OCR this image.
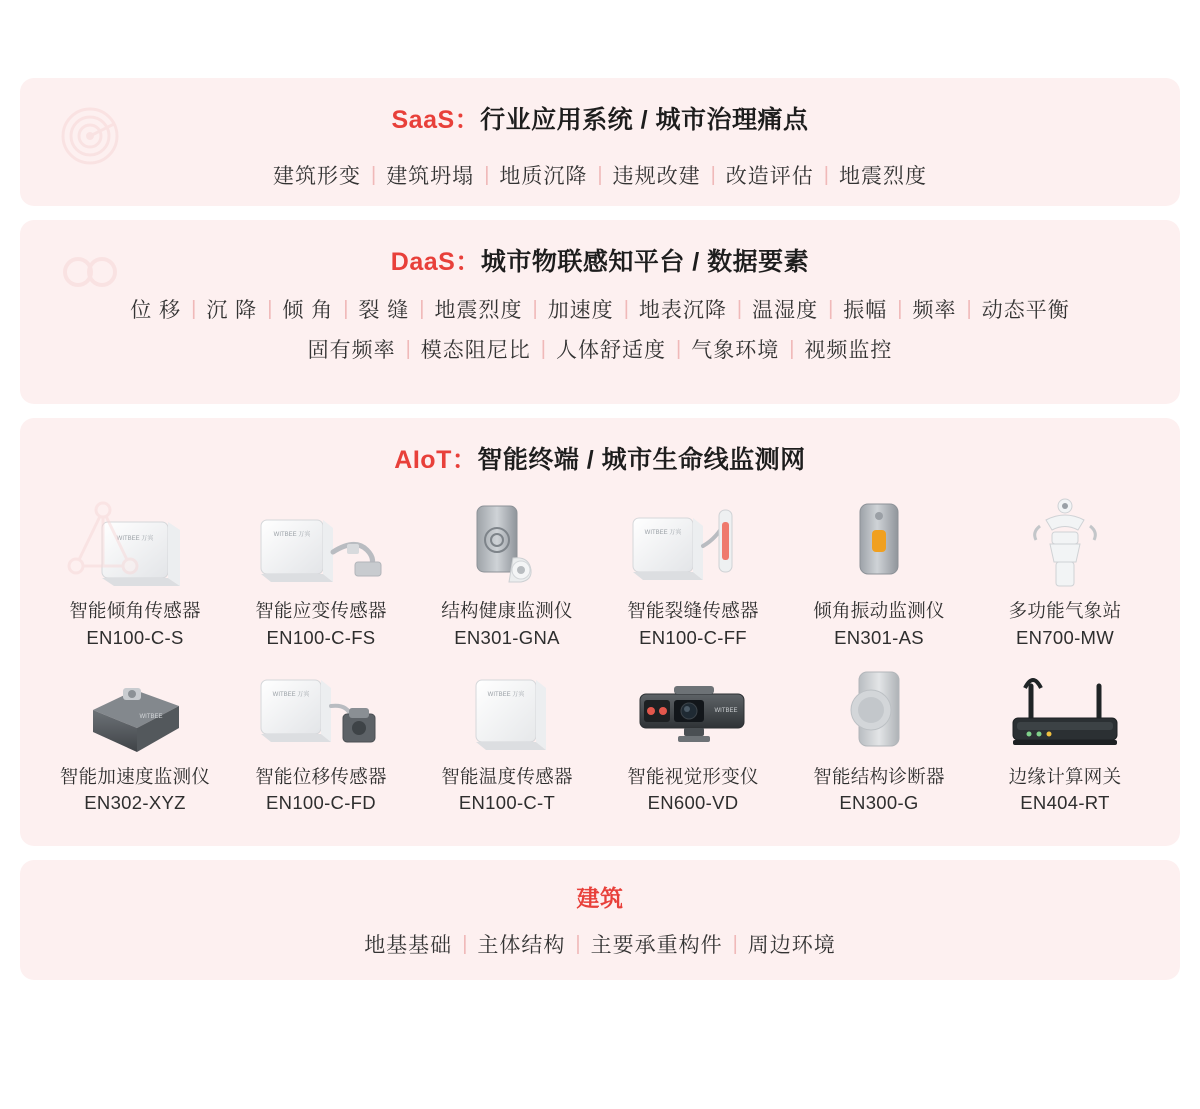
SaaS：行业应用系统 / 城市治理痛点
建筑形变 | 建筑坍塌 | 地质沉降 | 违规改建 | 改造评估 | 地震烈度
DaaS：城市物联感知平台 / 数据要素
位 移 | 沉 降 | 倾 角 | 裂 缝 | 地震烈度 | 加速度 | 地表沉降 | 温湿度 | 振幅 | 频率 | 动态平衡
固有频率 | 模态阻尼比 | 人体舒适度 | 气象环境 | 视频监控
AIoT：智能终端 / 城市生命线监测网
WITBEE 万宾
智能倾角传感器
EN100-C-S
WITBEE 万宾
智能应变传感器
EN100-C-FS
结构健康监测仪
EN301-GNA
WITBEE 万宾
智能裂缝传感器
EN100-C-FF
倾角振动监测仪
EN301-AS
多功能气象站
EN700-MW
WITBEE
智能加速度监测仪
EN302-XYZ
WITBEE 万宾
智能位移传感器
EN100-C-FD
WITBEE 万宾
智能温度传感器
EN100-C-T
WITBEE
智能视觉形变仪
EN600-VD
智能结构诊断器
EN300-G
边缘计算网关
EN404-RT
建筑
地基基础 | 主体结构 | 主要承重构件 | 周边环境
